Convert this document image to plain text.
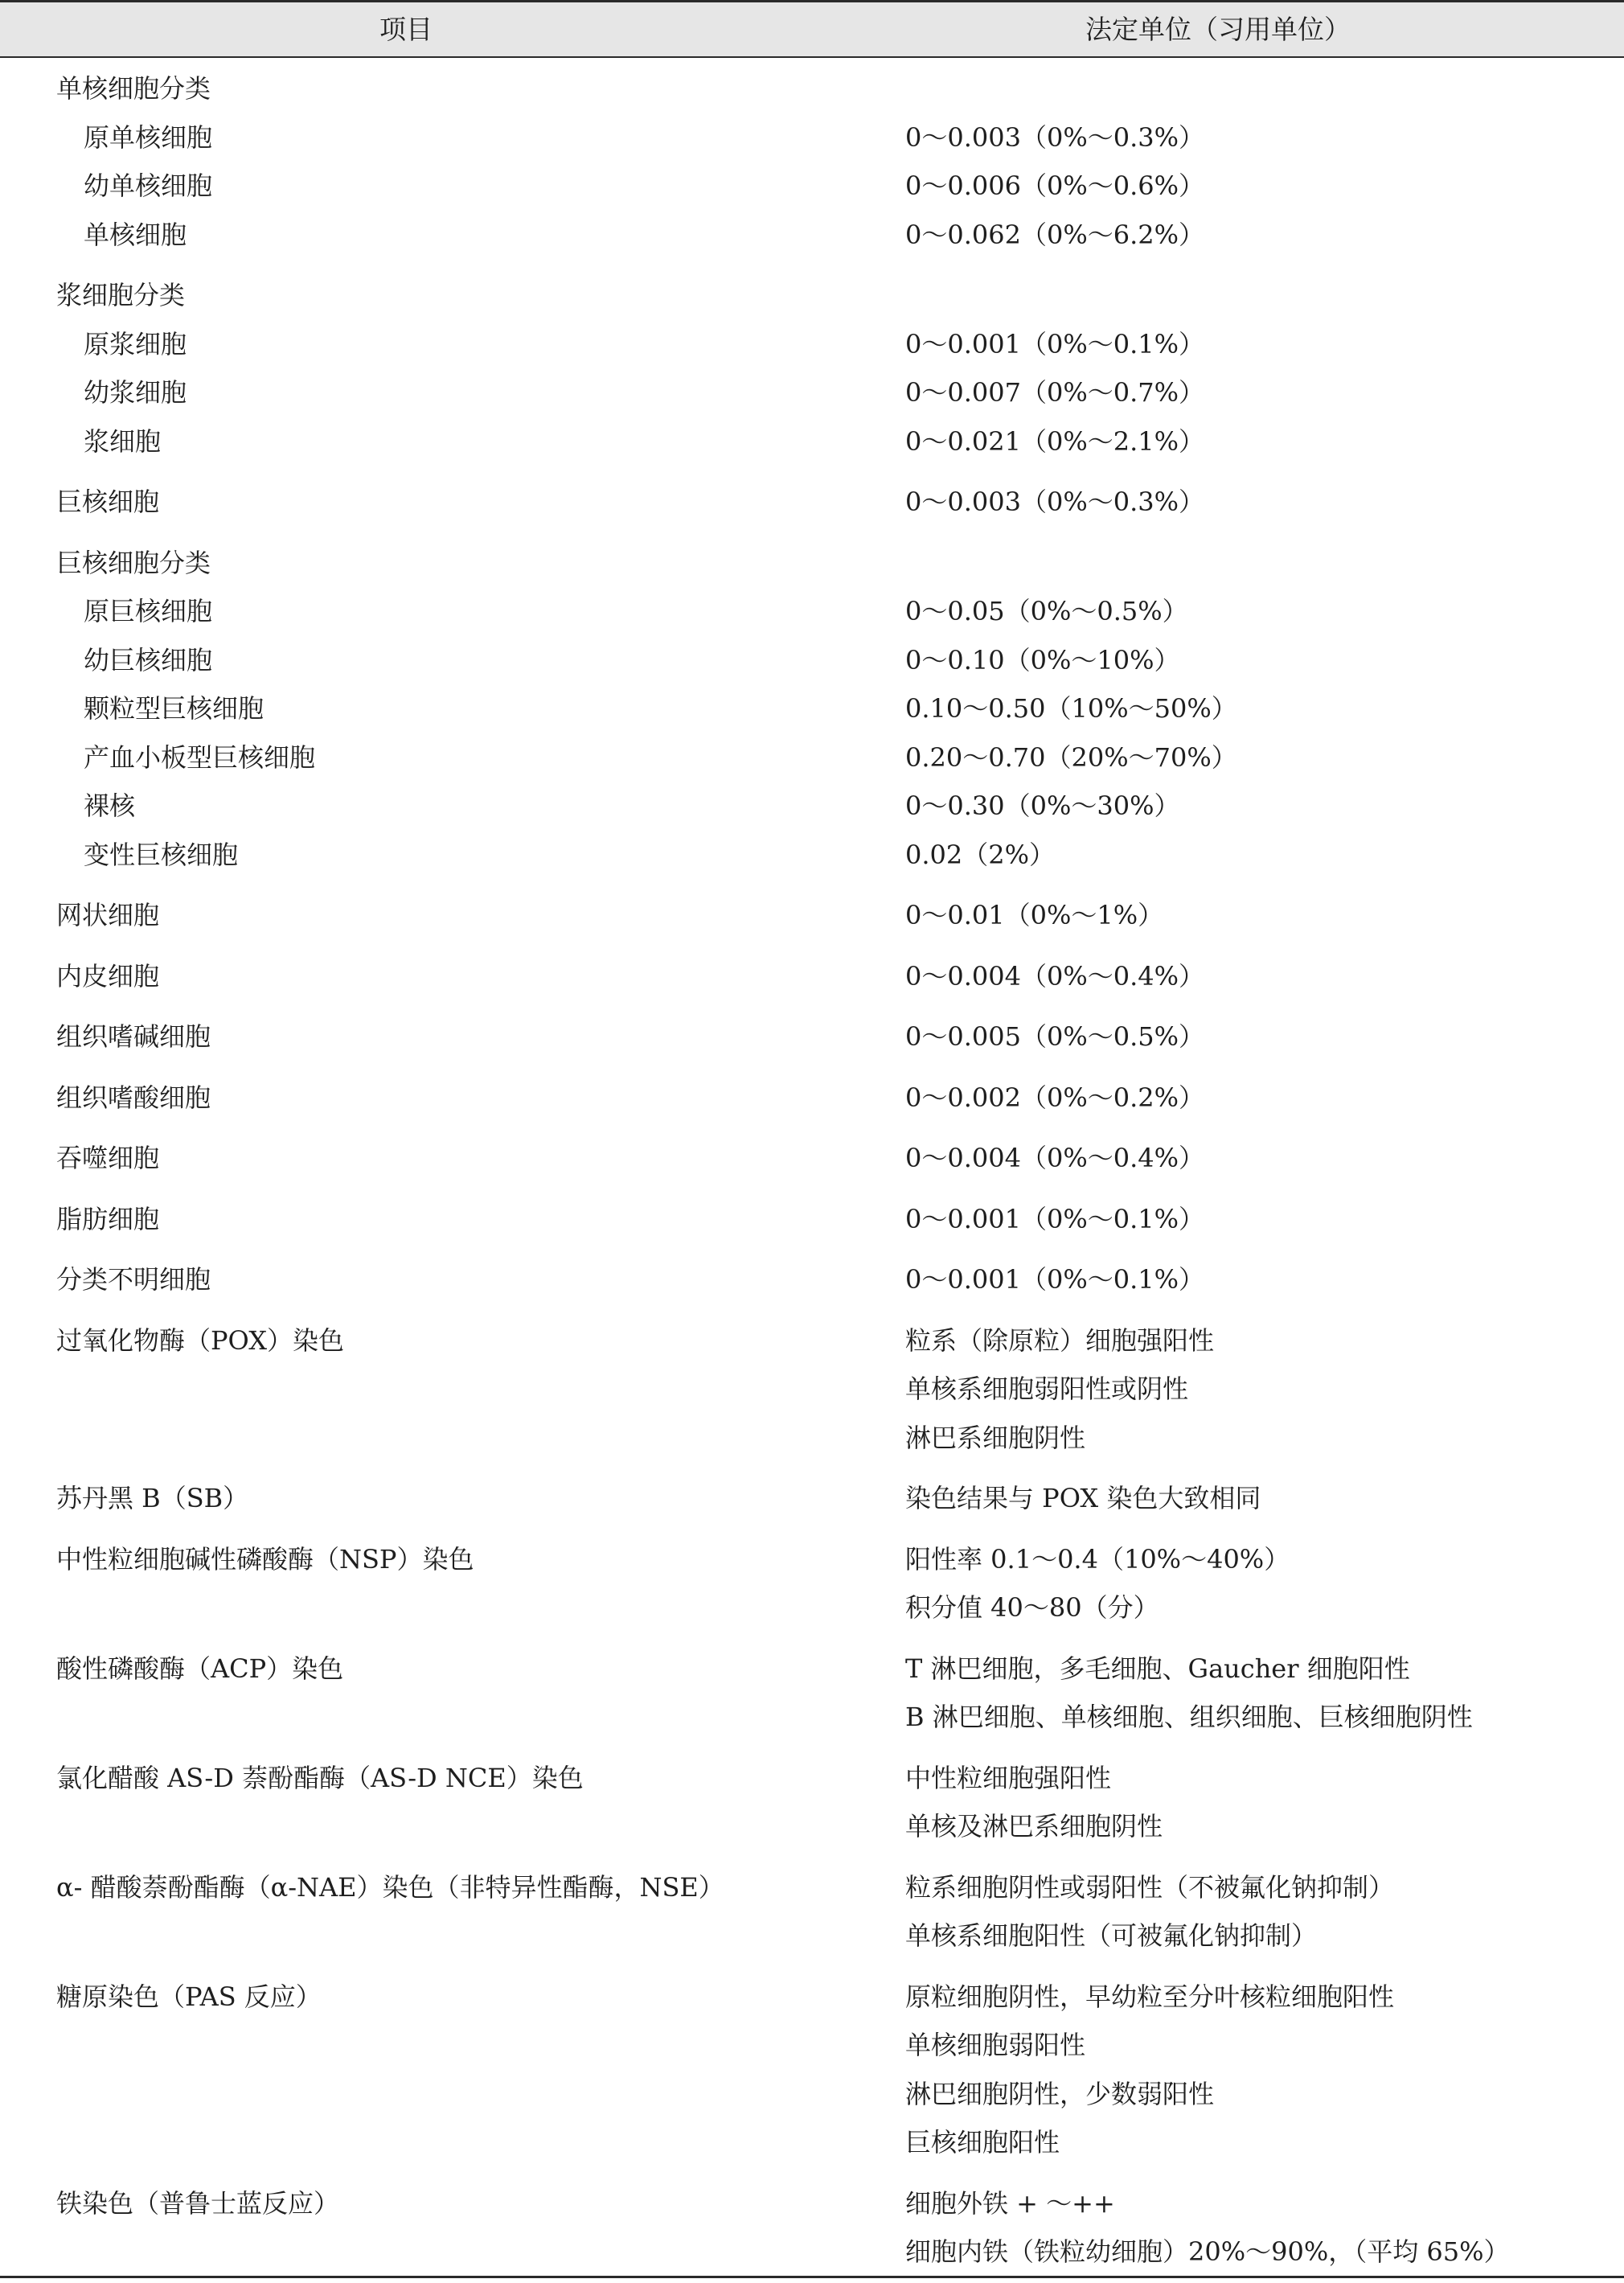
项目	法定单位（习用单位）
单核细胞分类
原单核细胞	0～0.003（0%～0.3%）
幼单核细胞	0～0.006（0%～0.6%）
单核细胞	0～0.062（0%～6.2%）
浆细胞分类
原浆细胞	0～0.001（0%～0.1%）
幼浆细胞	0～0.007（0%～0.7%）
浆细胞	0～0.021（0%～2.1%）
巨核细胞	0～0.003（0%～0.3%）
巨核细胞分类
原巨核细胞	0～0.05（0%～0.5%）
幼巨核细胞	0～0.10（0%～10%）
颗粒型巨核细胞	0.10～0.50（10%～50%）
产血小板型巨核细胞	0.20～0.70（20%～70%）
裸核	0～0.30（0%～30%）
变性巨核细胞	0.02（2%）
网状细胞	0～0.01（0%～1%）
内皮细胞	0～0.004（0%～0.4%）
组织嗜碱细胞	0～0.005（0%～0.5%）
组织嗜酸细胞	0～0.002（0%～0.2%）
吞噬细胞	0～0.004（0%～0.4%）
脂肪细胞	0～0.001（0%～0.1%）
分类不明细胞	0～0.001（0%～0.1%）
过氧化物酶（POX）染色	粒系（除原粒）细胞强阳性
单核系细胞弱阳性或阴性
淋巴系细胞阴性
苏丹黑 B（SB）	染色结果与 POX 染色大致相同
中性粒细胞碱性磷酸酶（NSP）染色	阳性率 0.1～0.4（10%～40%）
积分值 40～80（分）
酸性磷酸酶（ACP）染色	T 淋巴细胞，多毛细胞、Gaucher 细胞阳性
B 淋巴细胞、单核细胞、组织细胞、巨核细胞阴性
氯化醋酸 AS-D 萘酚酯酶（AS-D NCE）染色	中性粒细胞强阳性
单核及淋巴系细胞阴性
α- 醋酸萘酚酯酶（α-NAE）染色（非特异性酯酶，NSE）	粒系细胞阴性或弱阳性（不被氟化钠抑制）
单核系细胞阳性（可被氟化钠抑制）
糖原染色（PAS 反应）	原粒细胞阴性，早幼粒至分叶核粒细胞阳性
单核细胞弱阳性
淋巴细胞阴性，少数弱阳性
巨核细胞阳性
铁染色（普鲁士蓝反应）	细胞外铁 + ～++
细胞内铁（铁粒幼细胞）20%～90%，（平均 65%）
